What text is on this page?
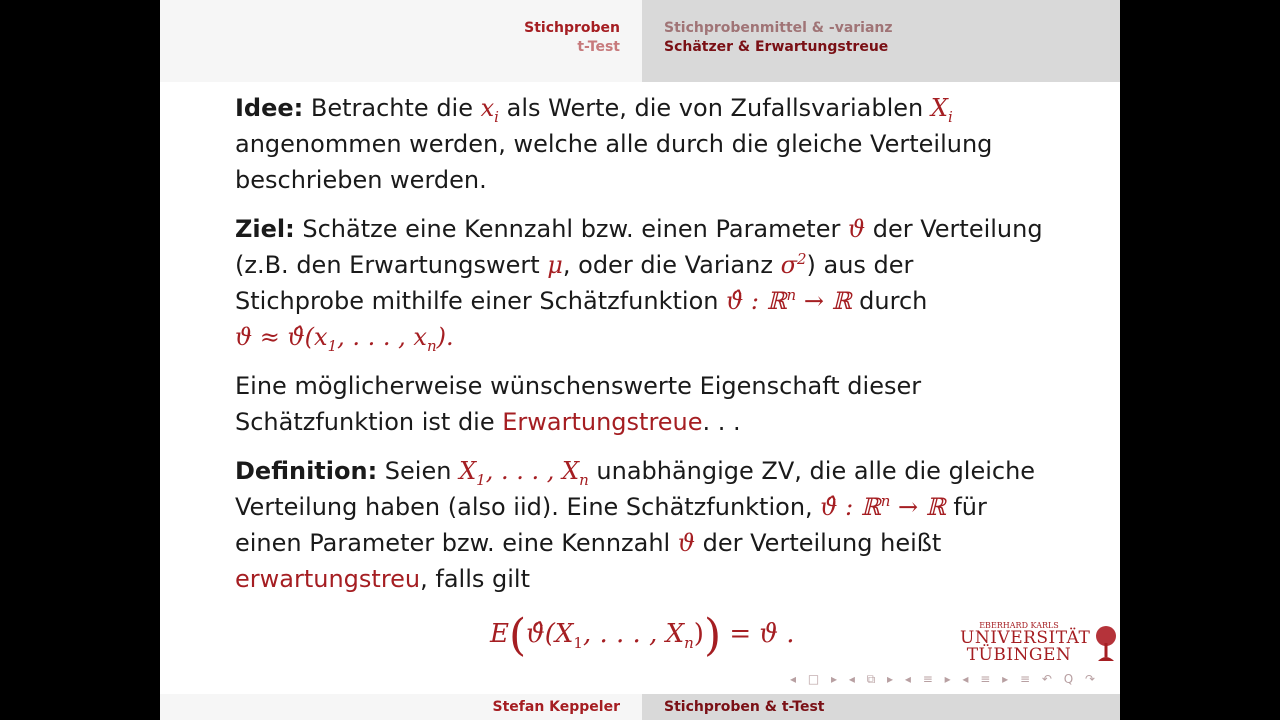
Stichproben
t-Test
Stichprobenmittel & -varianz
Schätzer & Erwartungstreue

Idee: Betrachte die $x_i$ als Werte, die von Zufallsvariablen $X_i$
angenommen werden, welche alle durch die gleiche Verteilung
beschrieben werden.

Ziel: Schätze eine Kennzahl bzw. einen Parameter ϑ der Verteilung
(z.B. den Erwartungswert μ, oder die Varianz $\sigma^2$) aus der
Stichprobe mithilfe einer Schätzfunktion ϑ̂ : ℝ$^n$ → ℝ durch
$ϑ \approx ϑ̂(x_1$, . . . , $x_n$).

Eine möglicherweise wünschenswerte Eigenschaft dieser
Schätzfunktion ist die Erwartungstreue. . .

Definition: Seien $X_1$, . . . , $X_n$ unabhängige ZV, die alle die gleiche
Verteilung haben (also iid). Eine Schätzfunktion, ϑ̂ : ℝ$^n$ → ℝ für
einen Parameter bzw. eine Kennzahl ϑ der Verteilung heißt
erwartungstreu, falls gilt

$E(ϑ̂(X_1$, . . . , $X_n)) = ϑ$ .	EBERHARD KARLS
UNIVERSITÄT
TÜBINGEN
◂ □ ▸ ◂ ⧉ ▸ ◂ ≡ ▸ ◂ ≡ ▸ ≡ ↶ Q ↷
Stefan Keppeler	Stichproben & t-Test
